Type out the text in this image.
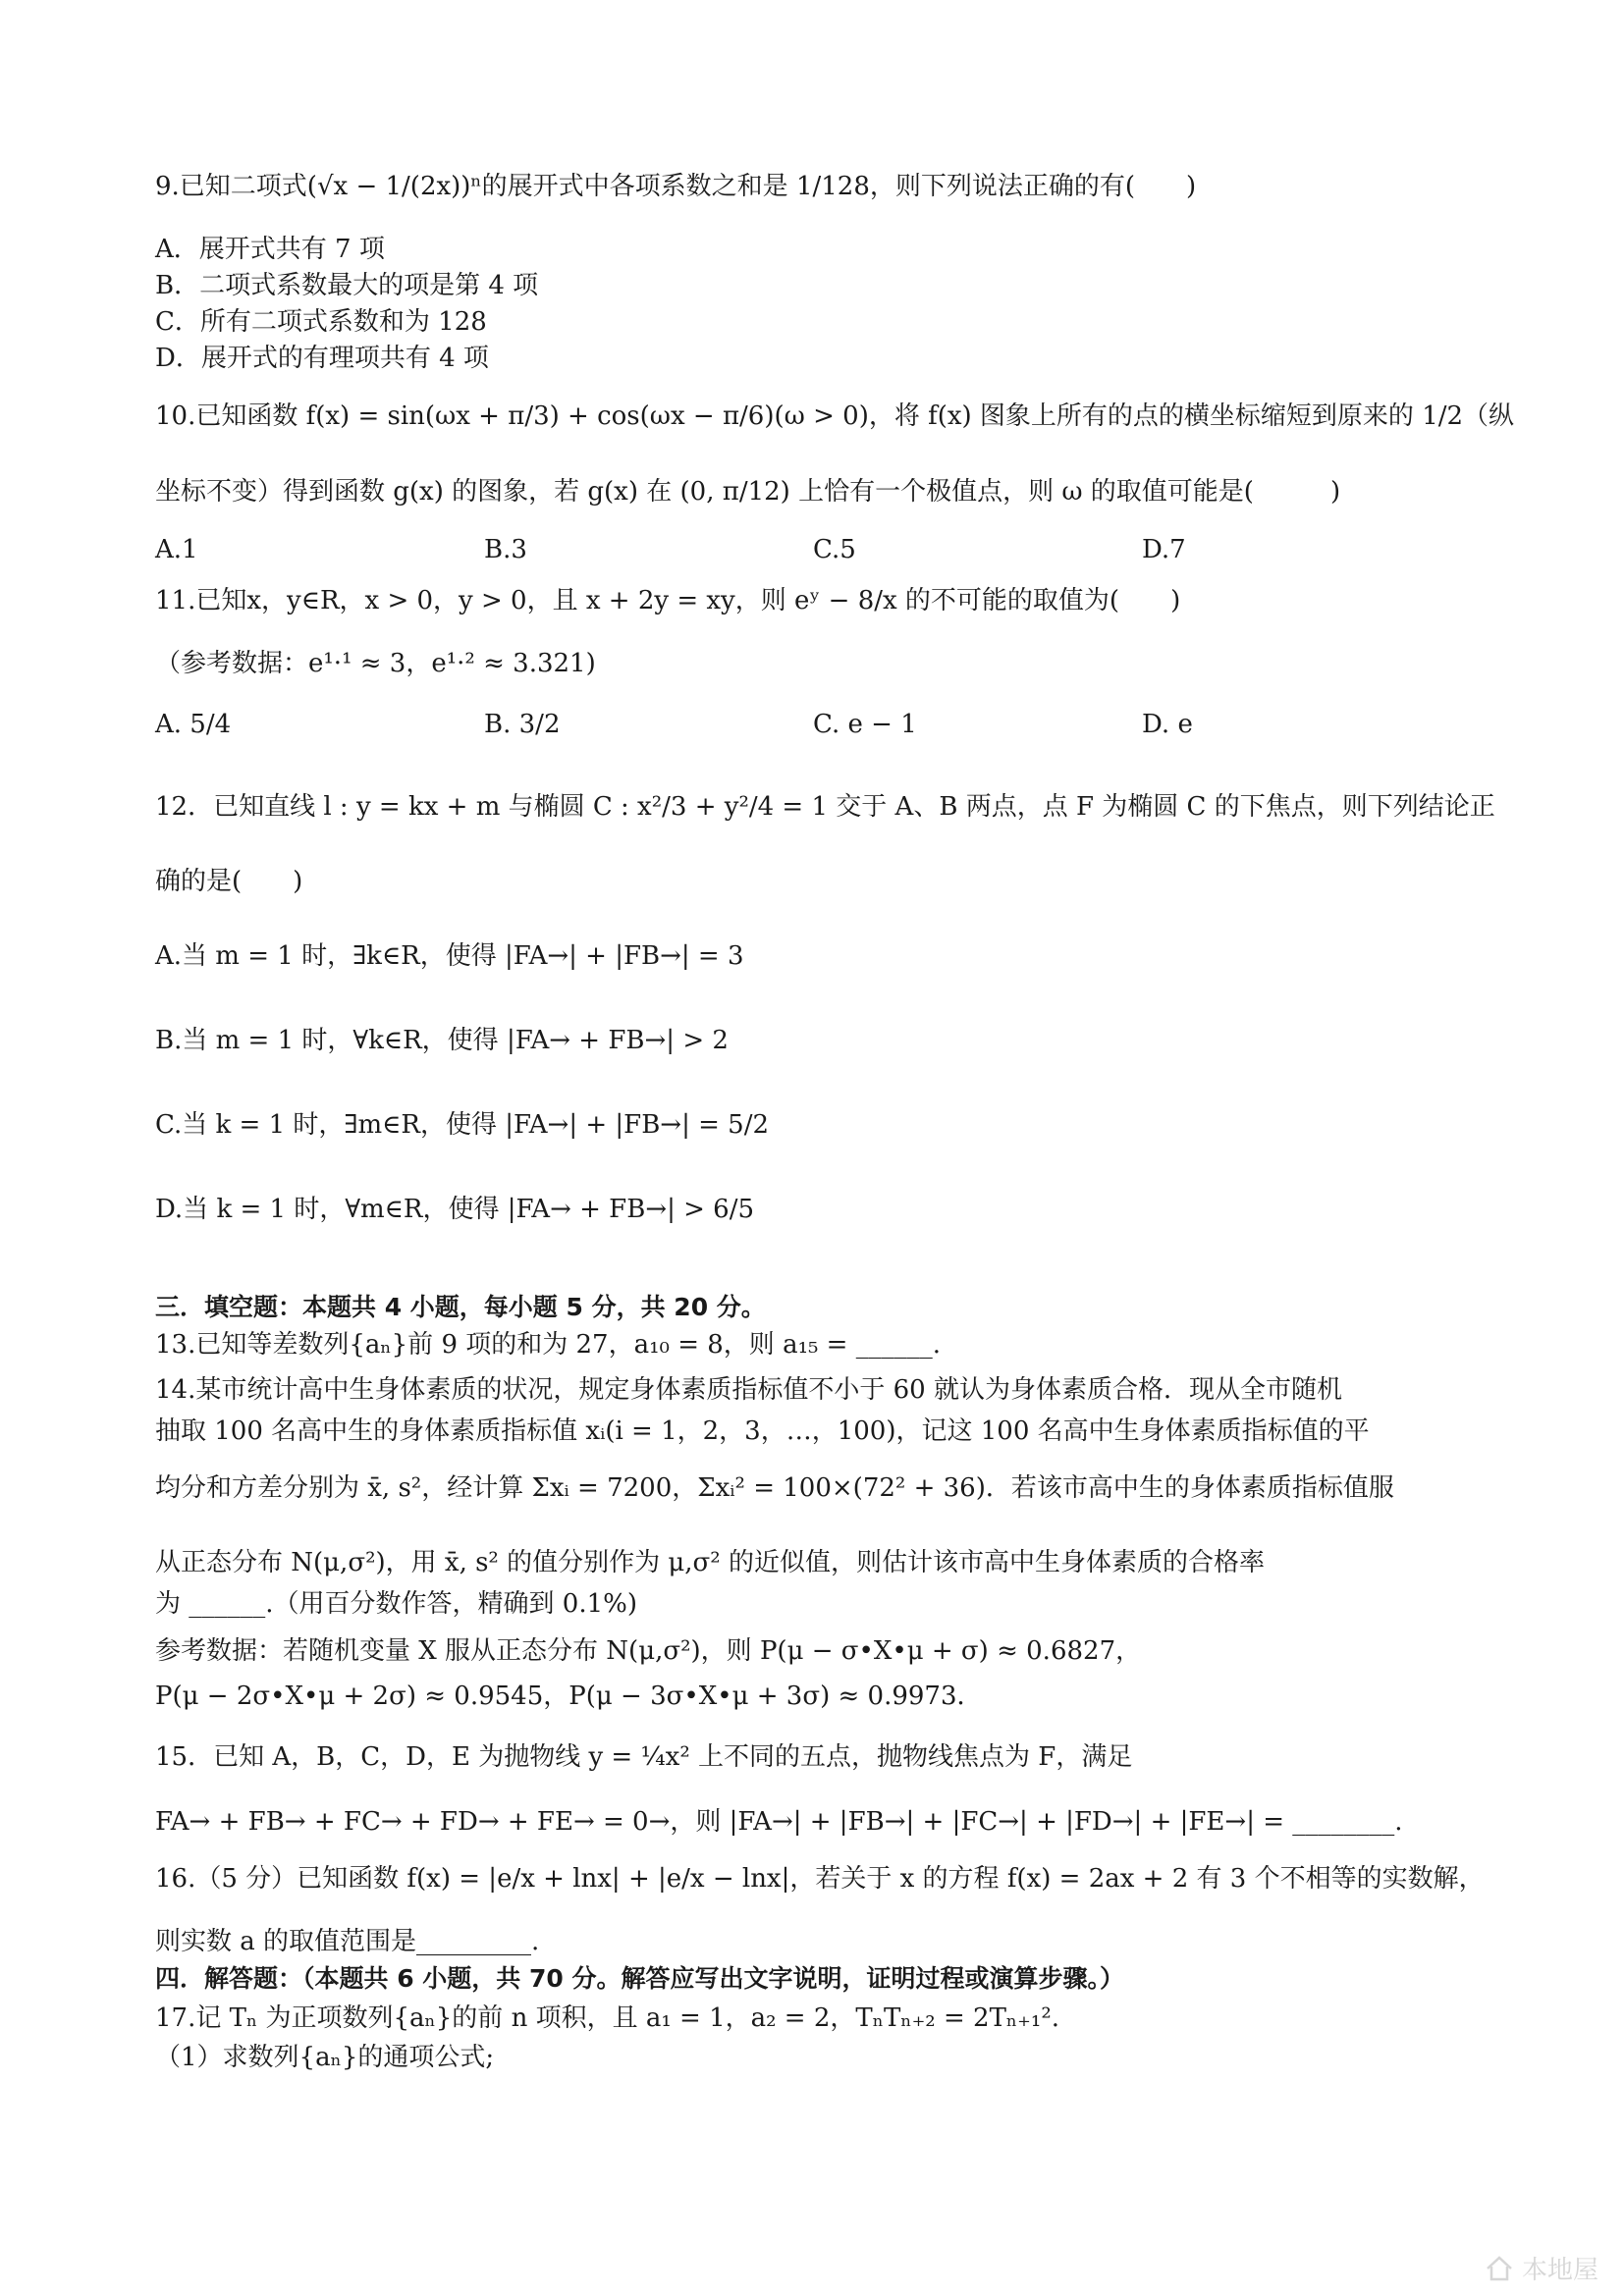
9.已知二项式(√x − 1/(2x))ⁿ的展开式中各项系数之和是 1/128，则下列说法正确的有(　　)
A．展开式共有 7 项
B．二项式系数最大的项是第 4 项
C．所有二项式系数和为 128
D．展开式的有理项共有 4 项
10.已知函数 f(x) = sin(ωx + π/3) + cos(ωx − π/6)(ω > 0)，将 f(x) 图象上所有的点的横坐标缩短到原来的 1/2（纵
坐标不变）得到函数 g(x) 的图象，若 g(x) 在 (0, π/12) 上恰有一个极值点，则 ω 的取值可能是(　　　)
A.1	B.3	C.5	D.7
11.已知x，y∈R，x > 0，y > 0，且 x + 2y = xy，则 eʸ − 8/x 的不可能的取值为(　　)
（参考数据：e¹·¹ ≈ 3，e¹·² ≈ 3.321)
A. 5/4	B. 3/2	C. e − 1	D. e
12．已知直线 l : y = kx + m 与椭圆 C : x²/3 + y²/4 = 1 交于 A、B 两点，点 F 为椭圆 C 的下焦点，则下列结论正
确的是(　　)
A.当 m = 1 时，∃k∈R，使得 |FA→| + |FB→| = 3
B.当 m = 1 时，∀k∈R，使得 |FA→ + FB→| > 2
C.当 k = 1 时，∃m∈R，使得 |FA→| + |FB→| = 5/2
D.当 k = 1 时，∀m∈R，使得 |FA→ + FB→| > 6/5
三．填空题：本题共 4 小题，每小题 5 分，共 20 分。
13.已知等差数列{aₙ}前 9 项的和为 27，a₁₀ = 8，则 a₁₅ = ______.
14.某市统计高中生身体素质的状况，规定身体素质指标值不小于 60 就认为身体素质合格．现从全市随机
抽取 100 名高中生的身体素质指标值 xᵢ(i = 1，2，3，…，100)，记这 100 名高中生身体素质指标值的平
均分和方差分别为 x̄, s²，经计算 Σxᵢ = 7200，Σxᵢ² = 100×(72² + 36)．若该市高中生的身体素质指标值服
从正态分布 N(μ,σ²)，用 x̄, s² 的值分别作为 μ,σ² 的近似值，则估计该市高中生身体素质的合格率
为 ______.（用百分数作答，精确到 0.1%)
参考数据：若随机变量 X 服从正态分布 N(μ,σ²)，则 P(μ − σ•X•μ + σ) ≈ 0.6827，
P(μ − 2σ•X•μ + 2σ) ≈ 0.9545，P(μ − 3σ•X•μ + 3σ) ≈ 0.9973．
15．已知 A，B，C，D，E 为抛物线 y = ¼x² 上不同的五点，抛物线焦点为 F，满足
FA→ + FB→ + FC→ + FD→ + FE→ = 0→，则 |FA→| + |FB→| + |FC→| + |FD→| + |FE→| = ________.
16.（5 分）已知函数 f(x) = |e/x + lnx| + |e/x − lnx|，若关于 x 的方程 f(x) = 2ax + 2 有 3 个不相等的实数解，
则实数 a 的取值范围是_________.
四．解答题：（本题共 6 小题，共 70 分。解答应写出文字说明，证明过程或演算步骤。）
17.记 Tₙ 为正项数列{aₙ}的前 n 项积，且 a₁ = 1，a₂ = 2，TₙTₙ₊₂ = 2Tₙ₊₁².
（1）求数列{aₙ}的通项公式;
本地屋
